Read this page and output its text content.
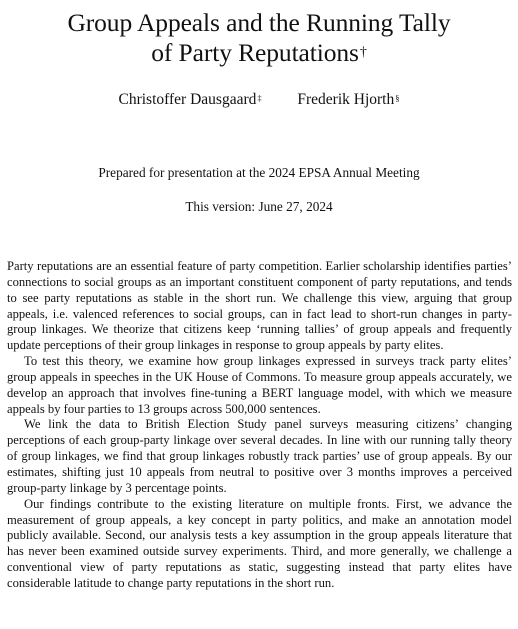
Group Appeals and the Running Tally
of Party Reputations†
Christoffer Dausgaard‡ Frederik Hjorth§
Prepared for presentation at the 2024 EPSA Annual Meeting
This version: June 27, 2024

Party reputations are an essential feature of party competition. Earlier scholarship identifies parties’ connections to social groups as an important constituent component of party reputations, and tends to see party reputations as stable in the short run. We challenge this view, arguing that group appeals, i.e. valenced references to social groups, can in fact lead to short-run changes in party-group linkages. We theorize that citizens keep ‘running tallies’ of group appeals and frequently update perceptions of their group linkages in response to group appeals by party elites.

To test this theory, we examine how group linkages expressed in surveys track party elites’ group appeals in speeches in the UK House of Commons. To measure group appeals accurately, we develop an approach that involves fine-tuning a BERT language model, with which we measure appeals by four parties to 13 groups across 500,000 sentences.

We link the data to British Election Study panel surveys measuring citizens’ changing perceptions of each group-party linkage over several decades. In line with our running tally theory of group linkages, we find that group linkages robustly track parties’ use of group appeals. By our estimates, shifting just 10 appeals from neutral to positive over 3 months improves a perceived group-party linkage by 3 percentage points.

Our findings contribute to the existing literature on multiple fronts. First, we advance the measurement of group appeals, a key concept in party politics, and make an annotation model publicly available. Second, our analysis tests a key assumption in the group appeals literature that has never been examined outside survey experiments. Third, and more generally, we challenge a conventional view of party reputations as static, suggesting instead that party elites have considerable latitude to change party reputations in the short run.
